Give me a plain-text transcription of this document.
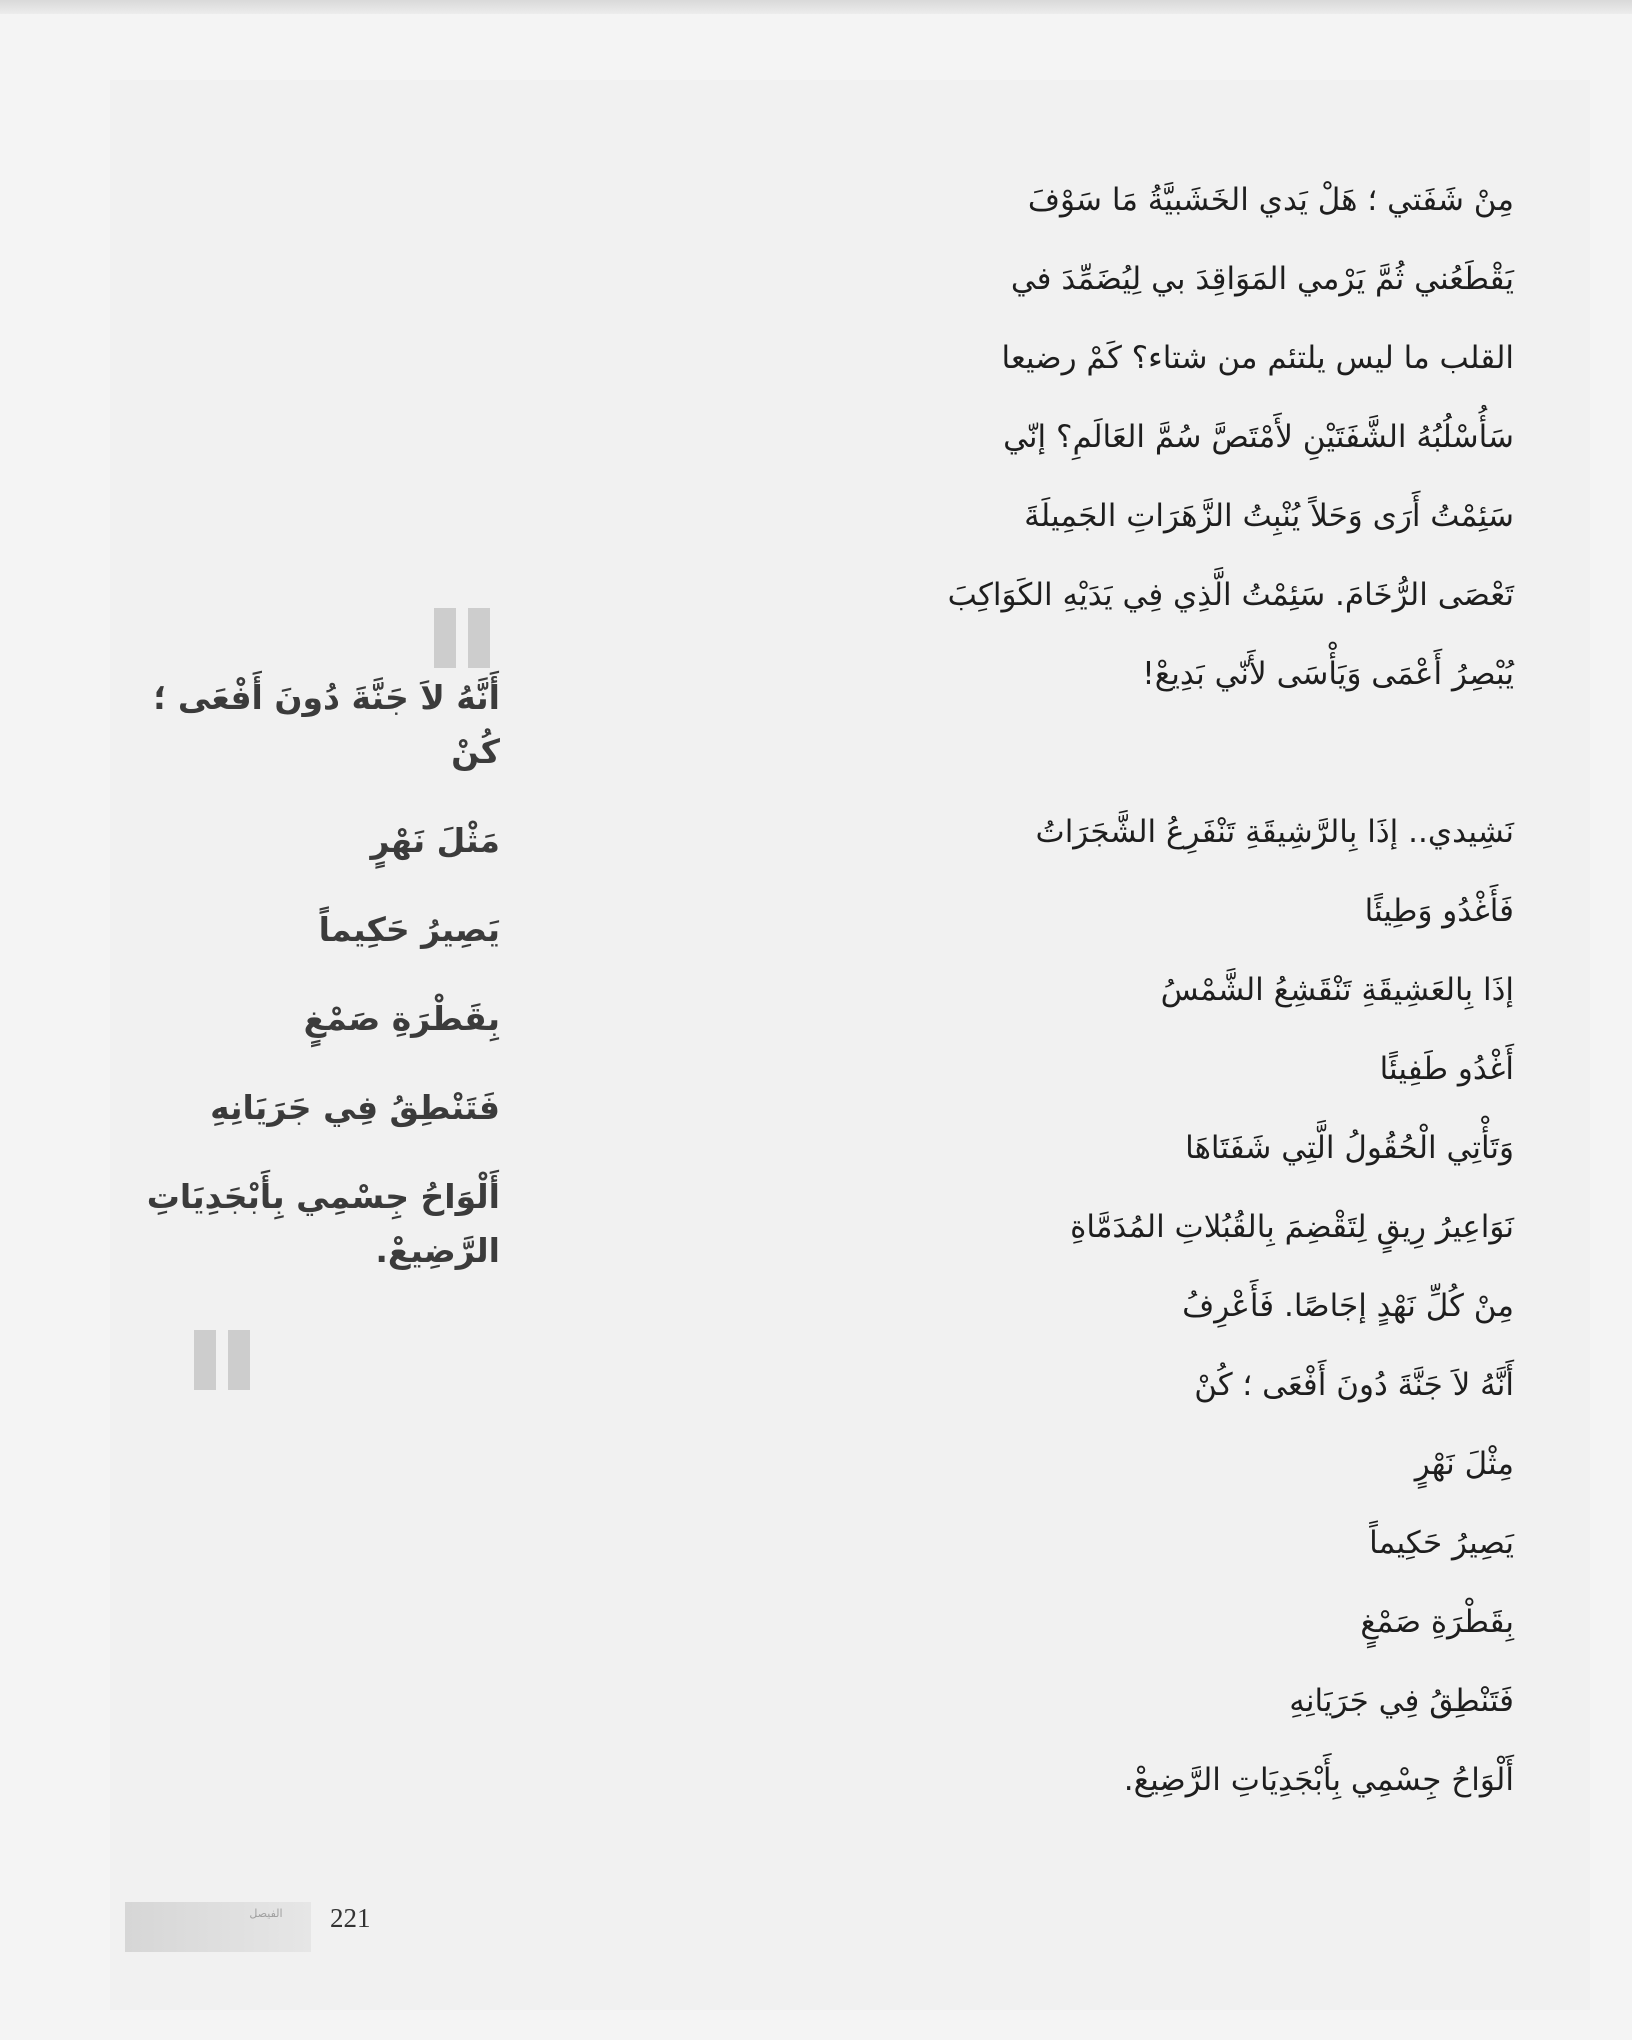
مِنْ شَفَتي ؛ هَلْ يَدي الخَشَبيَّةُ مَا سَوْفَ
يَقْطَعُني ثُمَّ يَرْمي المَوَاقِدَ بي لِيُضَمِّدَ في
القلب ما ليس يلتئم من شتاء؟ كَمْ رضيعا
سَأُسْلُبُهُ الشَّفَتَيْنِ لأَمْتَصَّ سُمَّ العَالَمِ؟ إنّي
سَئِمْتُ أَرَى وَحَلاً يُنْبِتُ الزَّهَرَاتِ الجَمِيلَةَ
تَعْصَى الرُّخَامَ. سَئِمْتُ الَّذِي فِي يَدَيْهِ الكَوَاكِبَ
يُبْصِرُ أَعْمَى وَيَأْسَى لأَنّي بَدِيعْ!
نَشِيدي.. إذَا بِالرَّشِيقَةِ تَنْفَرِعُ الشَّجَرَاتُ
فَأَغْدُو وَطِيئًا
إذَا بِالعَشِيقَةِ تَنْقَشِعُ الشَّمْسُ
أَغْدُو طَفِيئًا
وَتَأْتِي الْحُقُولُ الَّتِي شَفَتَاهَا
نَوَاعِيرُ رِيقٍ لِتَقْضِمَ بِالقُبُلاتِ المُدَمَّاةِ
مِنْ كُلِّ نَهْدٍ إجَاصًا. فَأَعْرِفُ
أَنَّهُ لاَ جَنَّةَ دُونَ أَفْعَى ؛ كُنْ
مِثْلَ نَهْرٍ
يَصِيرُ حَكِيماً
بِقَطْرَةِ صَمْغٍ
فَتَنْطِقُ فِي جَرَيَانِهِ
أَلْوَاحُ جِسْمِي بِأَبْجَدِيَاتِ الرَّضِيعْ.
أَنَّهُ لاَ جَنَّةَ دُونَ أَفْعَى ؛
كُنْ
مَثْلَ نَهْرٍ
يَصِيرُ حَكِيماً
بِقَطْرَةِ صَمْغٍ
فَتَنْطِقُ فِي جَرَيَانِهِ
أَلْوَاحُ جِسْمِي بِأَبْجَدِيَاتِ
الرَّضِيعْ.
الفيصل	221
